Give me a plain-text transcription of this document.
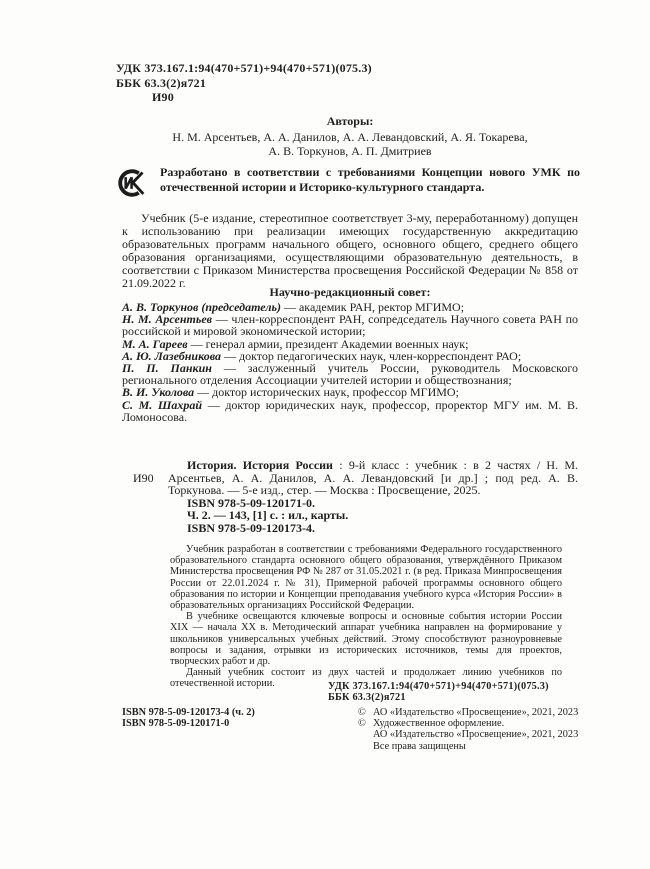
УДК 373.167.1:94(470+571)+94(470+571)(075.3)
ББК 63.3(2)я721
И90
Авторы:
Н. М. Арсентьев, А. А. Данилов, А. А. Левандовский, А. Я. Токарева,
А. В. Торкунов, А. П. Дмитриев
Разработано в соответствии с требованиями Концепции нового УМК по отечественной истории и Историко-культурного стандарта.

Учебник (5-е издание, стереотипное соответствует 3-му, переработанному) допущен к использованию при реализации имеющих государственную аккредитацию образовательных программ начального общего, основного общего, среднего общего образования организациями, осуществляющими образовательную деятельность, в соответствии с Приказом Министерства просвещения Российской Федерации № 858 от 21.09.2022 г.

Научно-редакционный совет:

А. В. Торкунов (председатель) — академик РАН, ректор МГИМО;

Н. М. Арсентьев — член-корреспондент РАН, сопредседатель Научного совета РАН по российской и мировой экономической истории;

М. А. Гареев — генерал армии, президент Академии военных наук;

А. Ю. Лазебникова — доктор педагогических наук, член-корреспондент РАО;

П. П. Панкин — заслуженный учитель России, руководитель Московского регионального отделения Ассоциации учителей истории и обществознания;

В. И. Уколова — доктор исторических наук, профессор МГИМО;

С. М. Шахрай — доктор юридических наук, профессор, проректор МГУ им. М. В. Ломоносова.

И90

История. История России : 9-й класс : учебник : в 2 частях / Н. М. Арсентьев, А. А. Данилов, А. А. Левандовский [и др.] ; под ред. А. В. Торкунова. — 5-е изд., стер. — Москва : Просвещение, 2025.

ISBN 978-5-09-120171-0.
Ч. 2. — 143, [1] с. : ил., карты.
ISBN 978-5-09-120173-4.

Учебник разработан в соответствии с требованиями Федерального государственного образовательного стандарта основного общего образования, утверждённого Приказом Министерства просвещения РФ № 287 от 31.05.2021 г. (в ред. Приказа Минпросвещения России от 22.01.2024 г. № 31), Примерной рабочей программы основного общего образования по истории и Концепции преподавания учебного курса «История России» в образовательных организациях Российской Федерации.

В учебнике освещаются ключевые вопросы и основные события истории России XIX — начала XX в. Методический аппарат учебника направлен на формирование у школьников универсальных учебных действий. Этому способствуют разноуровневые вопросы и задания, отрывки из исторических источников, темы для проектов, творческих работ и др.

Данный учебник состоит из двух частей и продолжает линию учебников по отечественной истории.	УДК 373.167.1:94(470+571)+94(470+571)(075.3)
ББК 63.3(2)я721
ISBN 978-5-09-120173-4 (ч. 2)
ISBN 978-5-09-120171-0
© АО «Издательство «Просвещение», 2021, 2023
© Художественное оформление.
АО «Издательство «Просвещение», 2021, 2023
Все права защищены
